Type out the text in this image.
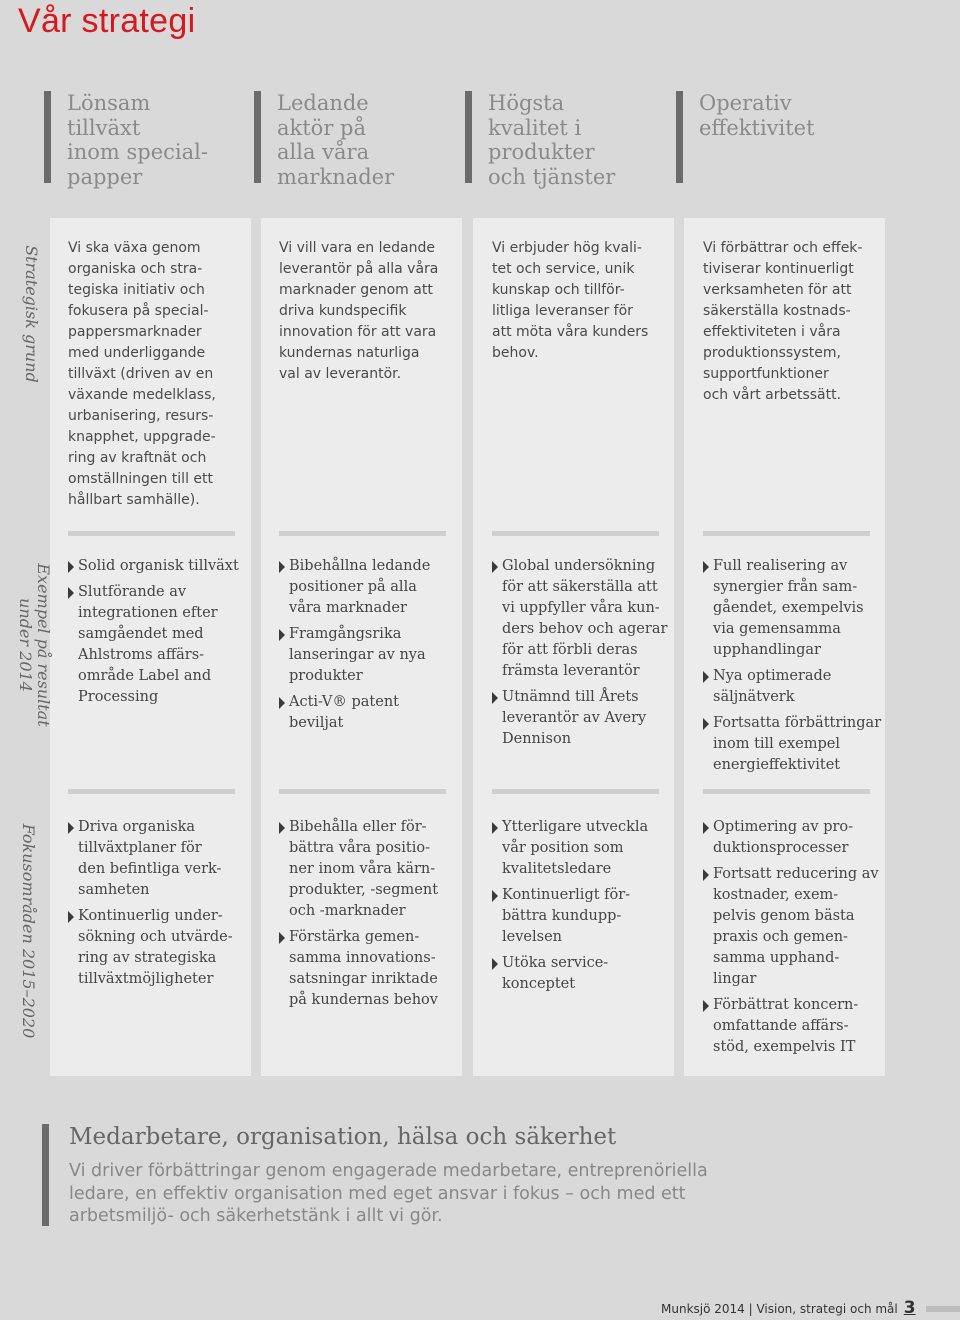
Vår strategi
Lönsam
tillväxt
inom special-
papper
Ledande
aktör på
alla våra
marknader
Högsta
kvalitet i
produkter
och tjänster
Operativ
effektivitet
Strategisk grund
Exempel på resultat
under 2014
Fokusområden 2015–2020

Vi ska växa genom
organiska och stra-
tegiska initiativ och
fokusera på special-
pappersmarknader
med underliggande
tillväxt (driven av en
växande medelklass,
urbanisering, resurs-
knapphet, uppgrade-
ring av kraftnät och
omställningen till ett
hållbart samhälle).

Vi vill vara en ledande
leverantör på alla våra
marknader genom att
driva kundspecifik
innovation för att vara
kundernas naturliga
val av leverantör.

Vi erbjuder hög kvali-
tet och service, unik
kunskap och tillför-
litliga leveranser för
att möta våra kunders
behov.

Vi förbättrar och effek-
tiviserar kontinuerligt
verksamheten för att
säkerställa kostnads-
effektiviteten i våra
produktionssystem,
supportfunktioner
och vårt arbetssätt.

Solid organisk tillväxt
Slutförande av
integrationen efter
samgåendet med
Ahlstroms affärs-
område Label and
Processing
Bibehållna ledande
positioner på alla
våra marknader
Framgångsrika
lanseringar av nya
produkter
Acti-V® patent
beviljat
Global undersökning
för att säkerställa att
vi uppfyller våra kun-
ders behov och agerar
för att förbli deras
främsta leverantör
Utnämnd till Årets
leverantör av Avery
Dennison
Full realisering av
synergier från sam-
gåendet, exempelvis
via gemensamma
upphandlingar
Nya optimerade
säljnätverk
Fortsatta förbättringar
inom till exempel
energieffektivitet
Driva organiska
tillväxtplaner för
den befintliga verk-
samheten
Kontinuerlig under-
sökning och utvärde-
ring av strategiska
tillväxtmöjligheter
Bibehålla eller för-
bättra våra positio-
ner inom våra kärn-
produkter, -segment
och -marknader
Förstärka gemen-
samma innovations-
satsningar inriktade
på kundernas behov
Ytterligare utveckla
vår position som
kvalitetsledare
Kontinuerligt för-
bättra kundupp-
levelsen
Utöka service-
konceptet
Optimering av pro-
duktionsprocesser
Fortsatt reducering av
kostnader, exem-
pelvis genom bästa
praxis och gemen-
samma upphand-
lingar
Förbättrat koncern-
omfattande affärs-
stöd, exempelvis IT
Medarbetare, organisation, hälsa och säkerhet

Vi driver förbättringar genom engagerade medarbetare, entreprenöriella
ledare, en effektiv organisation med eget ansvar i fokus – och med ett
arbetsmiljö- och säkerhetstänk i allt vi gör.

Munksjö 2014 | Vision, strategi och mål 3
